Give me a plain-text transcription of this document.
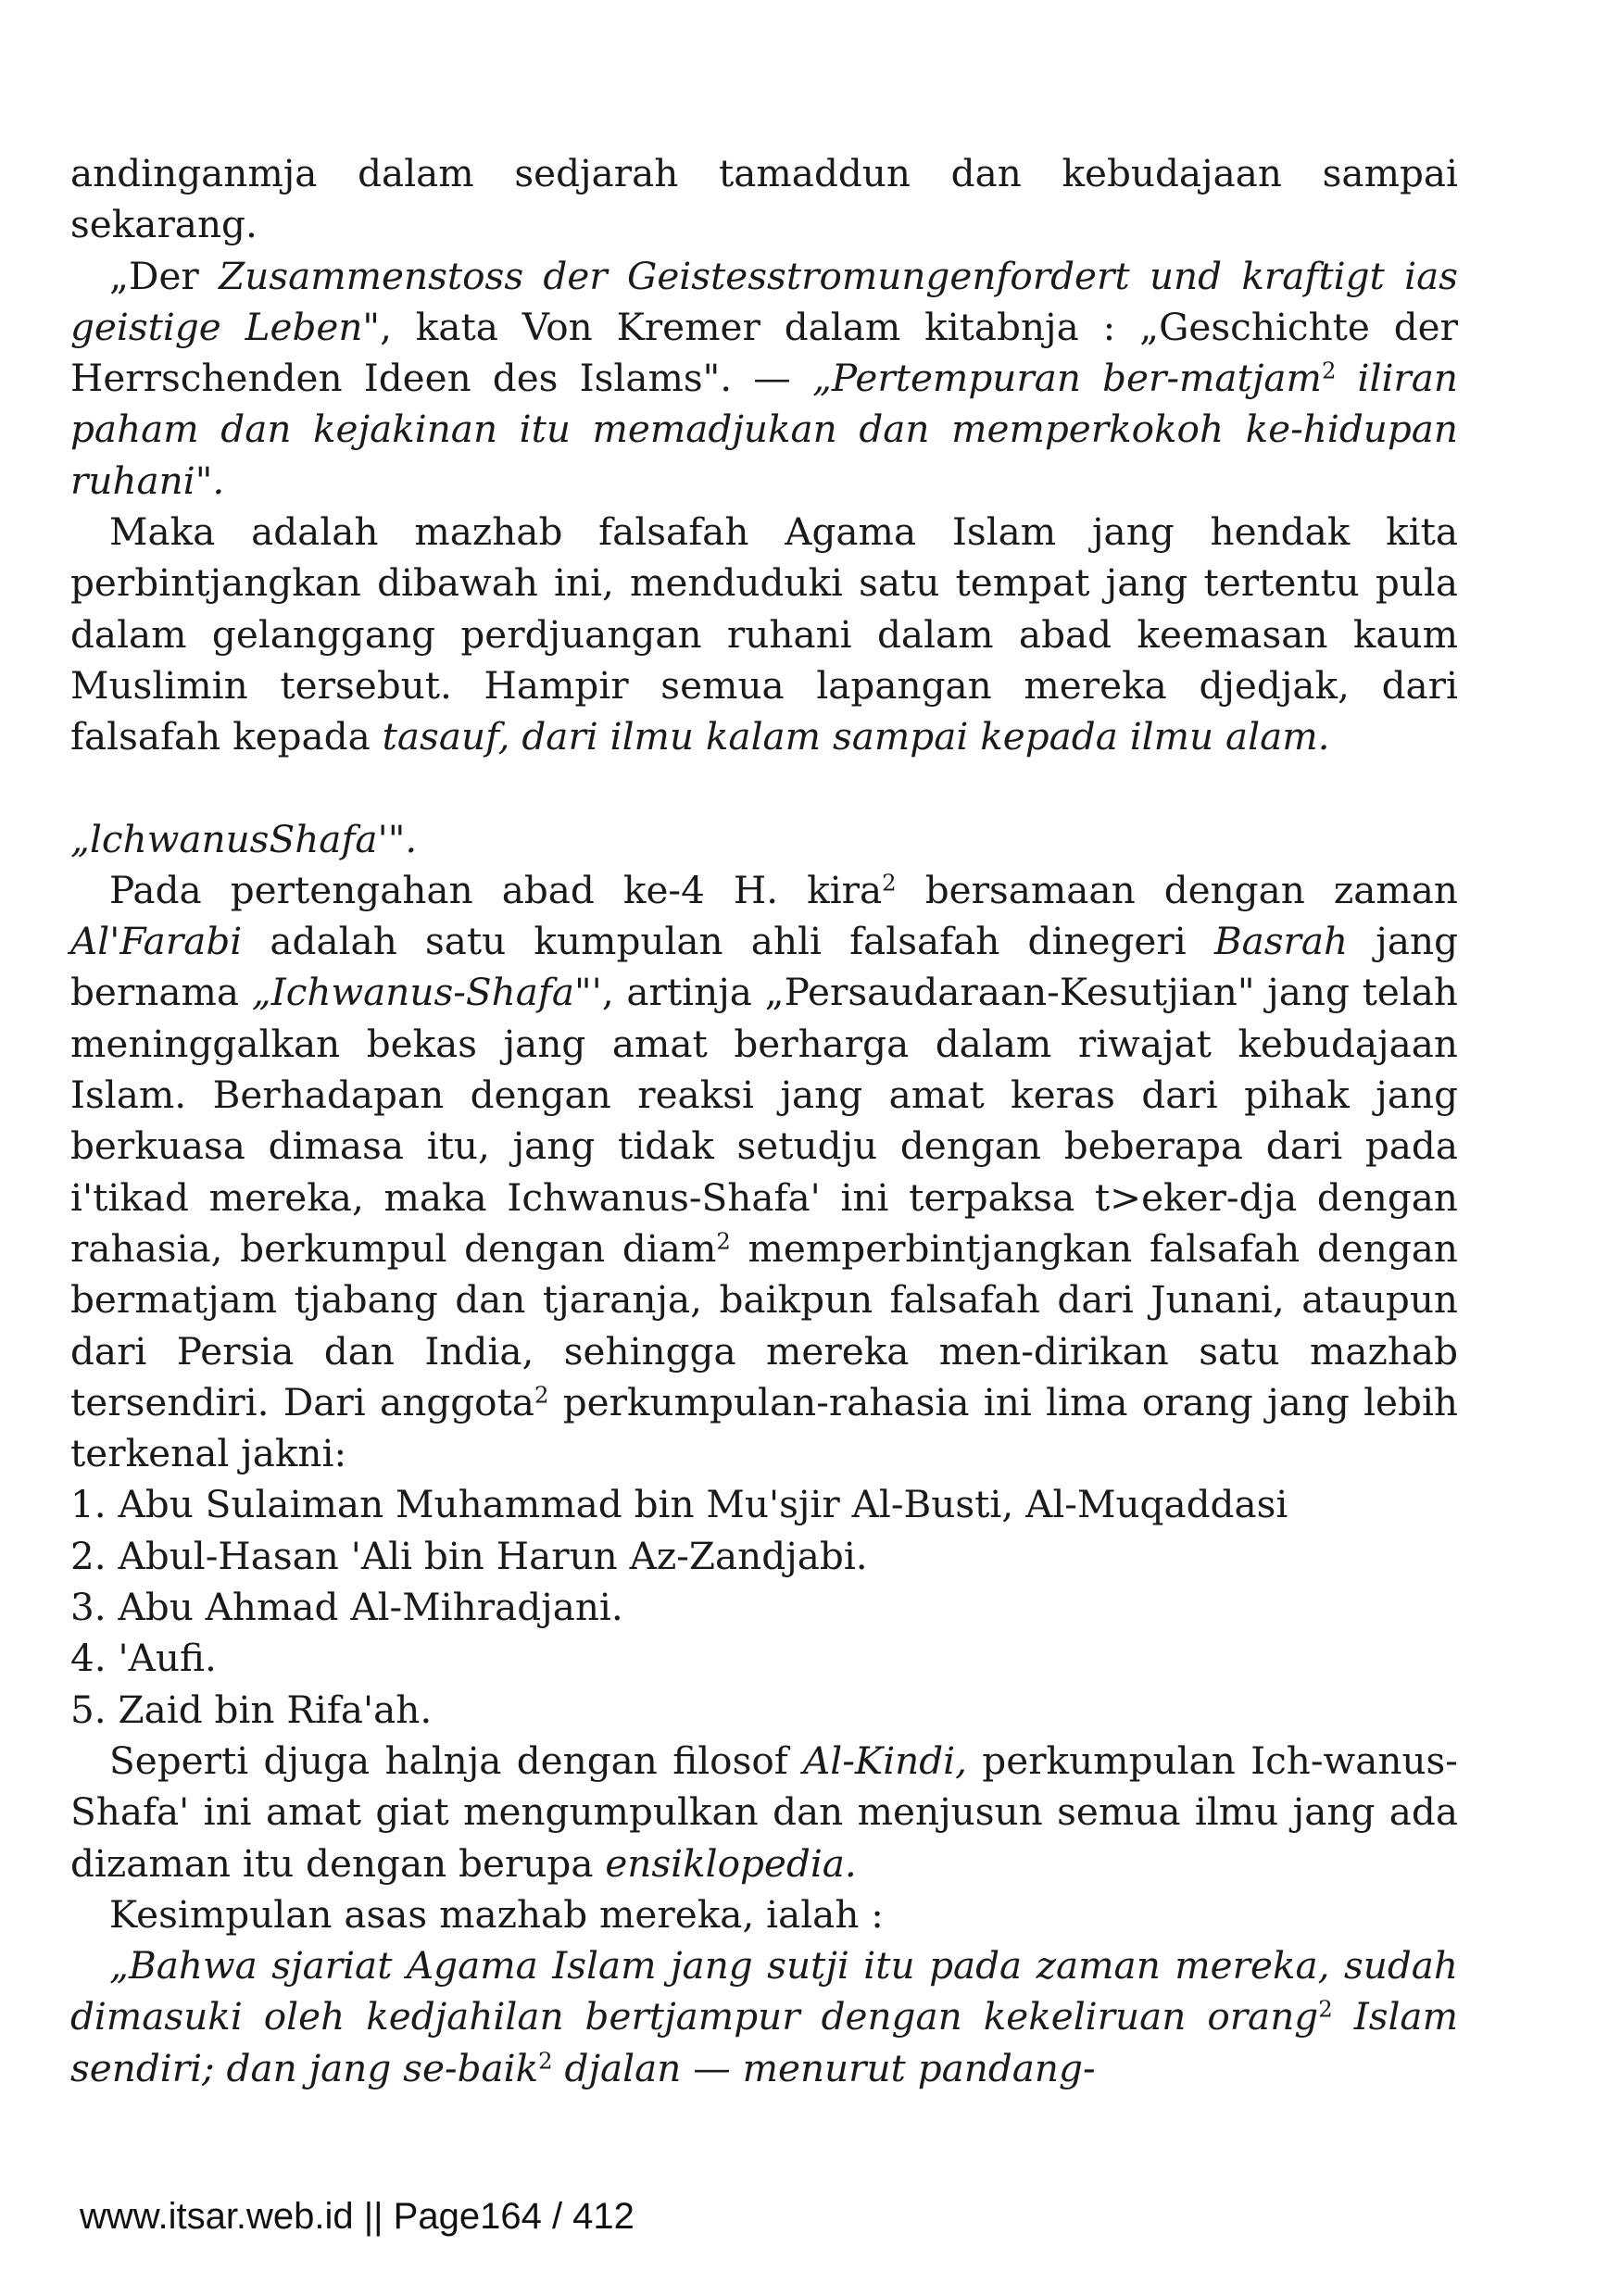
andinganmja dalam sedjarah tamaddun dan kebudajaan sampai sekarang.

„Der Zusammenstoss der Geistesstromungenfordert und kraftigt ias geistige Leben", kata Von Kremer dalam kitabnja : „Geschichte der Herrschenden Ideen des Islams". — „Pertempuran ber-matjam$^2$ iliran paham dan kejakinan itu memadjukan dan memperkokoh ke-hidupan ruhani".

Maka adalah mazhab falsafah Agama Islam jang hendak kita perbintjangkan dibawah ini, menduduki satu tempat jang tertentu pula dalam gelanggang perdjuangan ruhani dalam abad keemasan kaum Muslimin tersebut. Hampir semua lapangan mereka djedjak, dari falsafah kepada tasauf, dari ilmu kalam sampai kepada ilmu alam.

„lchwanusShafa'".

Pada pertengahan abad ke-4 H. kira$^2$ bersamaan dengan zaman Al'Farabi adalah satu kumpulan ahli falsafah dinegeri Basrah jang bernama „Ichwanus-Shafa"', artinja „Persaudaraan-Kesutjian" jang telah meninggalkan bekas jang amat berharga dalam riwajat kebudajaan Islam. Berhadapan dengan reaksi jang amat keras dari pihak jang berkuasa dimasa itu, jang tidak setudju dengan beberapa dari pada i'tikad mereka, maka Ichwanus-Shafa' ini terpaksa t>eker-dja dengan rahasia, berkumpul dengan diam$^2$ memperbintjangkan falsafah dengan bermatjam tjabang dan tjaranja, baikpun falsafah dari Junani, ataupun dari Persia dan India, sehingga mereka men-dirikan satu mazhab tersendiri. Dari anggota$^2$ perkumpulan-rahasia ini lima orang jang lebih terkenal jakni:

1. Abu Sulaiman Muhammad bin Mu'sjir Al-Busti, Al-Muqaddasi

2. Abul-Hasan 'Ali bin Harun Az-Zandjabi.

3. Abu Ahmad Al-Mihradjani.

4. 'Aufi.

5. Zaid bin Rifa'ah.

Seperti djuga halnja dengan filosof Al-Kindi, perkumpulan Ich-wanus-Shafa' ini amat giat mengumpulkan dan menjusun semua ilmu jang ada dizaman itu dengan berupa ensiklopedia.

Kesimpulan asas mazhab mereka, ialah :

„Bahwa sjariat Agama Islam jang sutji itu pada zaman mereka, sudah dimasuki oleh kedjahilan bertjampur dengan kekeliruan orang$^2$ Islam sendiri; dan jang se-baik$^2$ djalan — menurut pandang-

www.itsar.web.id || Page164 / 412
